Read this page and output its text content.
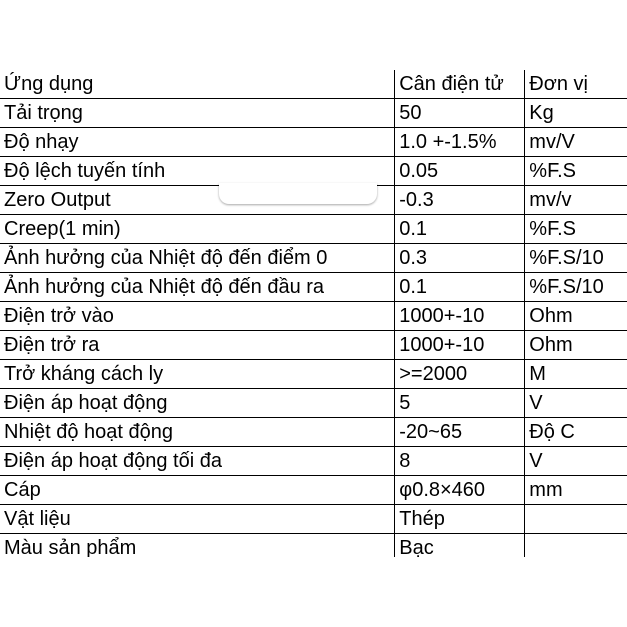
Ứng dụng	Cân điện tử	Đơn vị
Tải trọng	50	Kg
Độ nhạy	1.0 +-1.5%	mv/V
Độ lệch tuyến tính	0.05	%F.S
Zero Output	-0.3	mv/v
Creep(1 min)	0.1	%F.S
Ảnh hưởng của Nhiệt độ đến điểm 0	0.3	%F.S/10
Ảnh hưởng của Nhiệt độ đến đầu ra	0.1	%F.S/10
Điện trở vào	1000+-10	Ohm
Điện trở ra	1000+-10	Ohm
Trở kháng cách ly	>=2000	M
Điện áp hoạt động	5	V
Nhiệt độ hoạt động	-20~65	Độ C
Điện áp hoạt động tối đa	8	V
Cáp	φ0.8×460	mm
Vật liệu	Thép	
Màu sản phẩm	Bạc	
